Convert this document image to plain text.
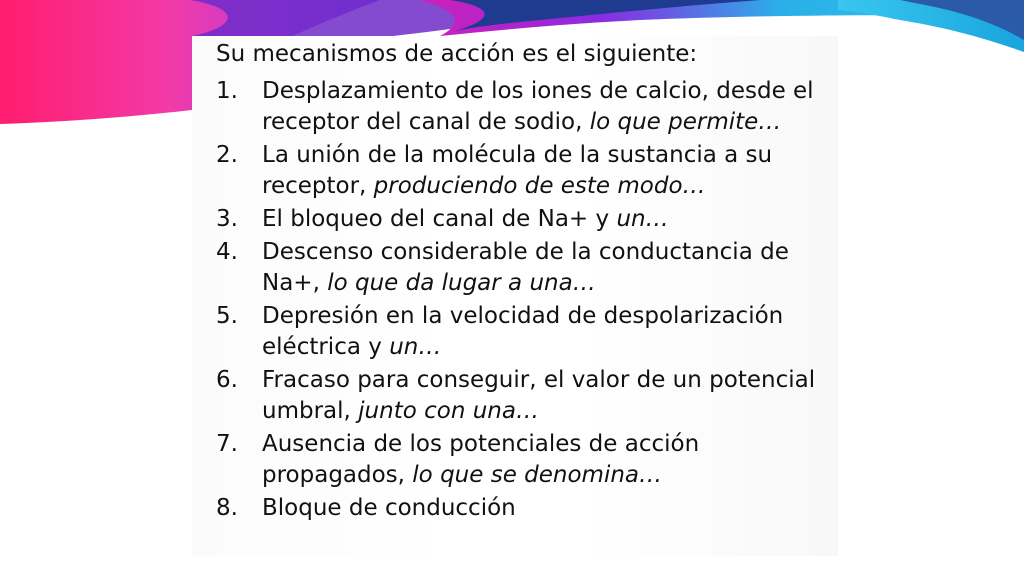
Su mecanismos de acción es el siguiente:
1. Desplazamiento de los iones de calcio, desde el
receptor del canal de sodio, lo que permite…
2. La unión de la molécula de la sustancia a su
receptor, produciendo de este modo…
3. El bloqueo del canal de Na+ y un…
4. Descenso considerable de la conductancia de
Na+, lo que da lugar a una…
5. Depresión en la velocidad de despolarización
eléctrica y un…
6. Fracaso para conseguir, el valor de un potencial
umbral, junto con una…
7. Ausencia de los potenciales de acción
propagados, lo que se denomina…
8. Bloque de conducción
